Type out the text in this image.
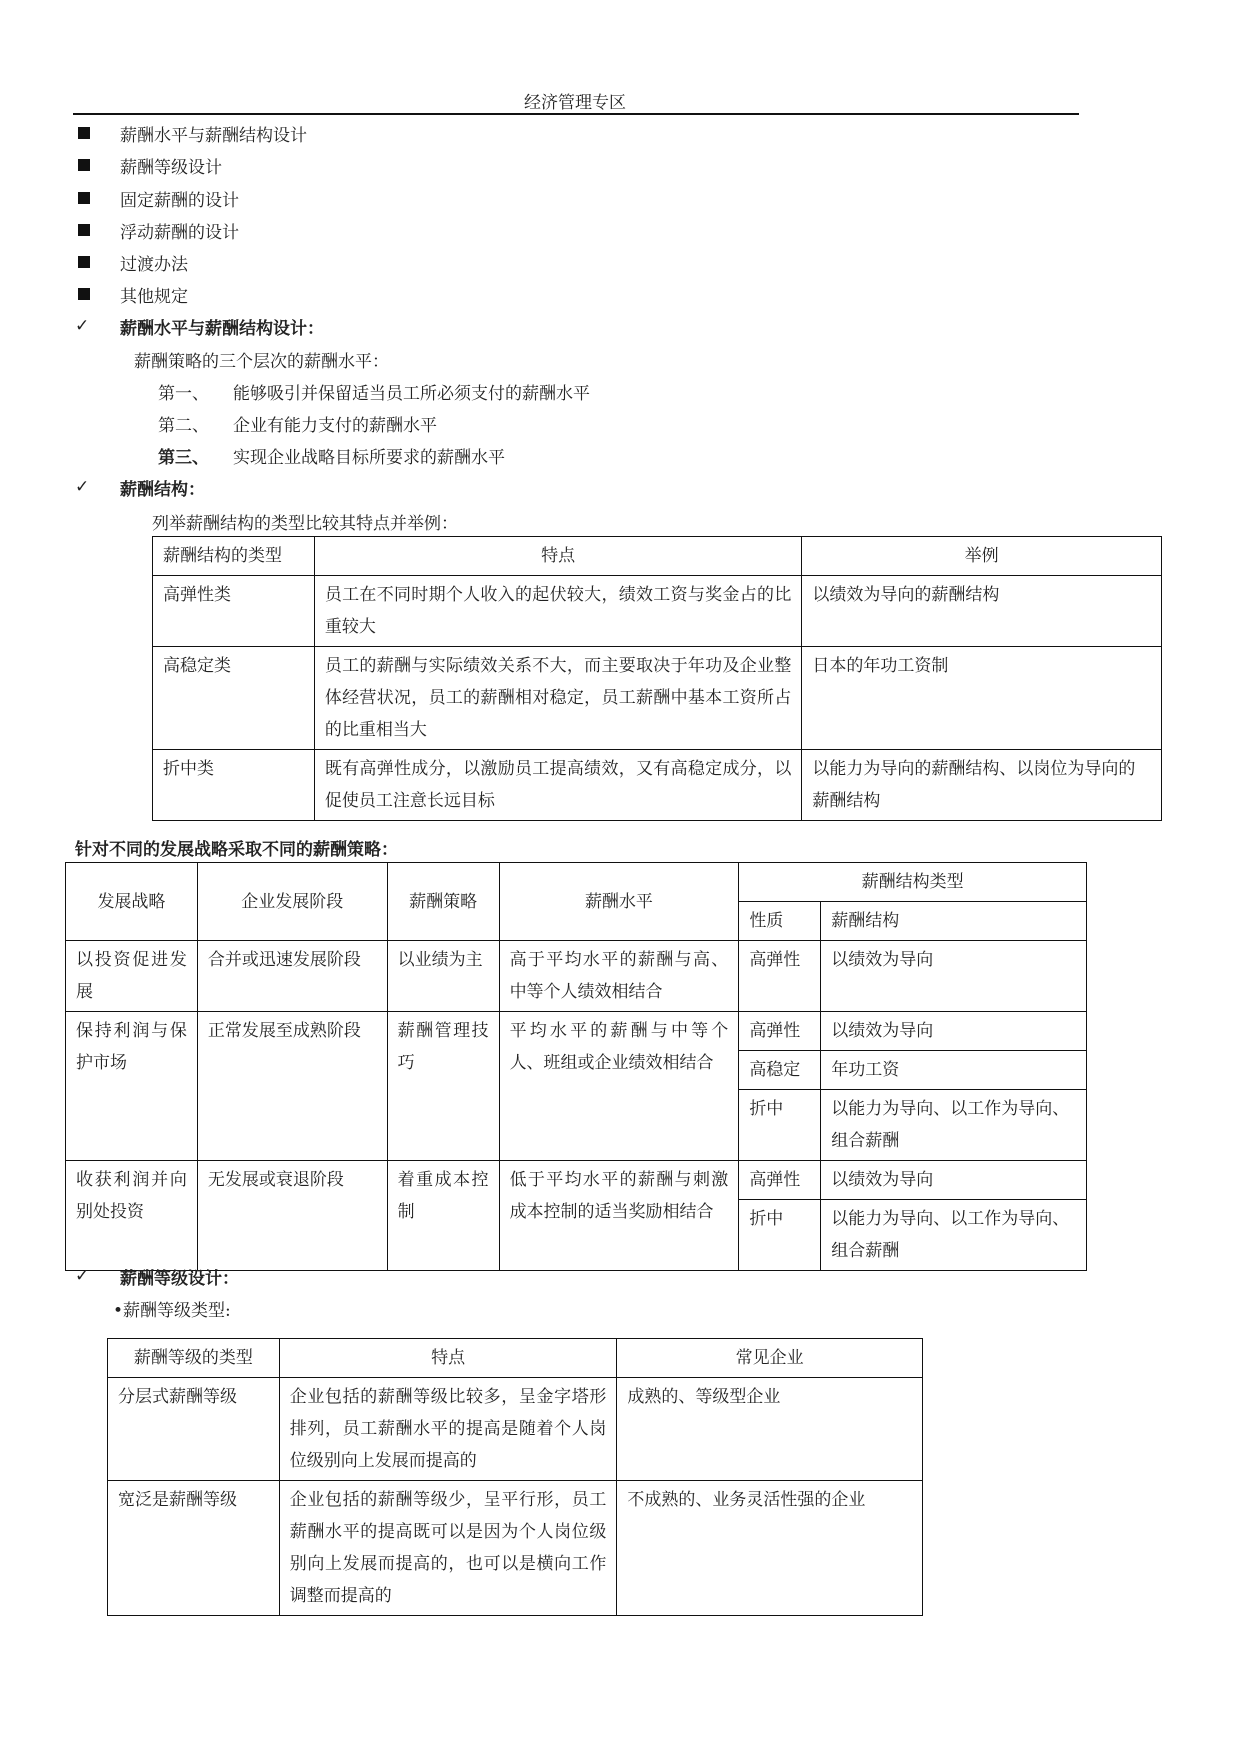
经济管理专区
薪酬水平与薪酬结构设计
薪酬等级设计
固定薪酬的设计
浮动薪酬的设计
过渡办法
其他规定
✓	薪酬水平与薪酬结构设计：
薪酬策略的三个层次的薪酬水平：
第一、 能够吸引并保留适当员工所必须支付的薪酬水平
第二、 企业有能力支付的薪酬水平
第三、 实现企业战略目标所要求的薪酬水平
✓	薪酬结构：
列举薪酬结构的类型比较其特点并举例：
薪酬结构的类型	特点	举例
高弹性类	员工在不同时期个人收入的起伏较大，绩效工资与奖金占的比重较大	以绩效为导向的薪酬结构
高稳定类	员工的薪酬与实际绩效关系不大，而主要取决于年功及企业整体经营状况，员工的薪酬相对稳定，员工薪酬中基本工资所占的比重相当大	日本的年功工资制
折中类	既有高弹性成分，以激励员工提高绩效，又有高稳定成分，以促使员工注意长远目标	以能力为导向的薪酬结构、以岗位为导向的薪酬结构
针对不同的发展战略采取不同的薪酬策略：
发展战略	企业发展阶段	薪酬策略	薪酬水平	薪酬结构类型	
				性质	薪酬结构
以投资促进发展	合并或迅速发展阶段	以业绩为主	高于平均水平的薪酬与高、中等个人绩效相结合	高弹性	以绩效为导向
保持利润与保护市场	正常发展至成熟阶段	薪酬管理技巧	平均水平的薪酬与中等个人、班组或企业绩效相结合	高弹性	以绩效为导向
				高稳定	年功工资
				折中	以能力为导向、以工作为导向、组合薪酬
收获利润并向别处投资	无发展或衰退阶段	着重成本控制	低于平均水平的薪酬与刺激成本控制的适当奖励相结合	高弹性	以绩效为导向
				折中	以能力为导向、以工作为导向、组合薪酬
✓	薪酬等级设计：
•薪酬等级类型:
薪酬等级的类型	特点	常见企业
分层式薪酬等级	企业包括的薪酬等级比较多，呈金字塔形排列，员工薪酬水平的提高是随着个人岗位级别向上发展而提高的	成熟的、等级型企业
宽泛是薪酬等级	企业包括的薪酬等级少，呈平行形，员工薪酬水平的提高既可以是因为个人岗位级别向上发展而提高的，也可以是横向工作调整而提高的	不成熟的、业务灵活性强的企业
